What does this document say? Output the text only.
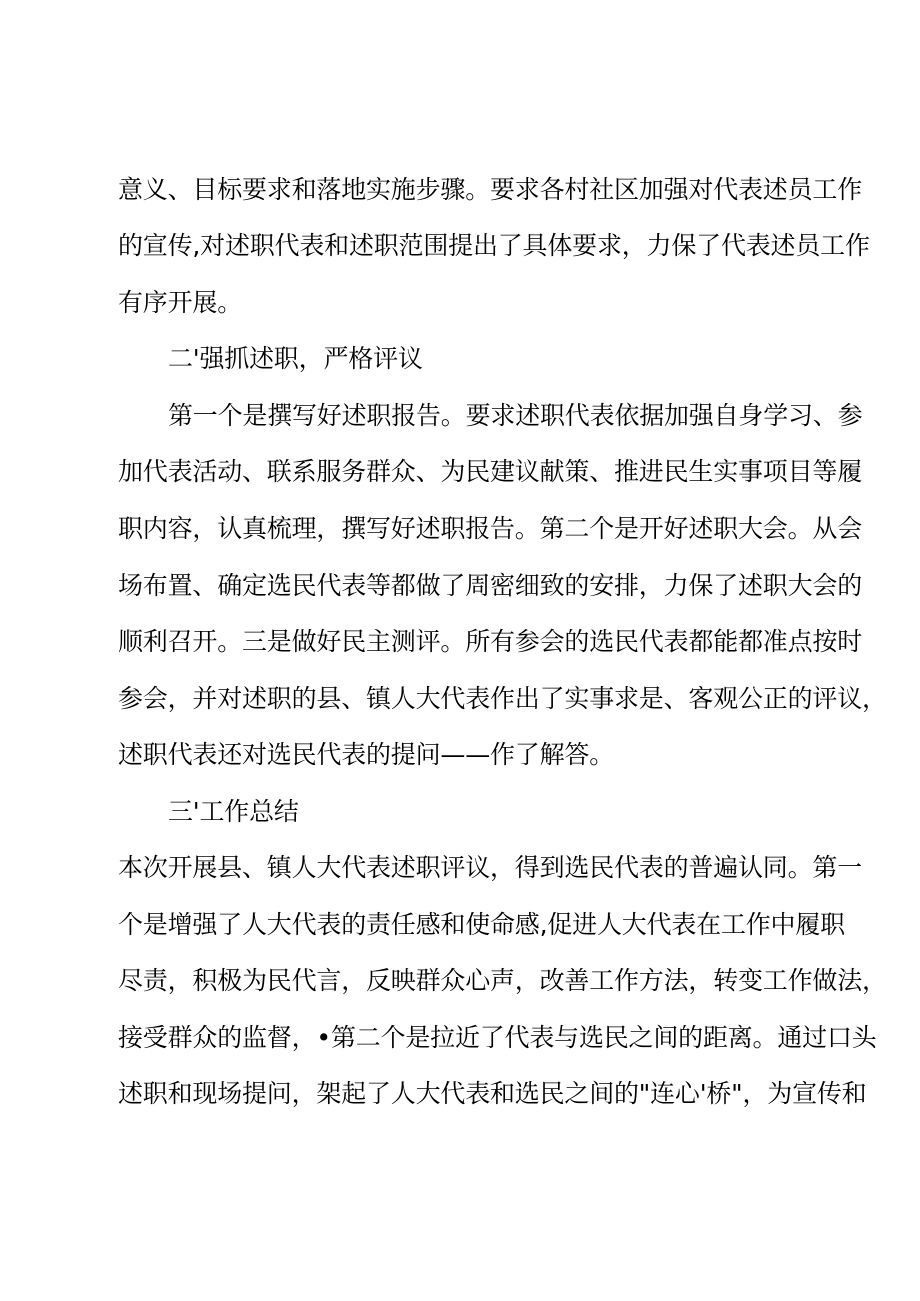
意义、目标要求和落地实施步骤。要求各村社区加强对代表述员工作
的宣传,对述职代表和述职范围提出了具体要求，力保了代表述员工作
有序开展。
二'强抓述职，严格评议
第一个是撰写好述职报告。要求述职代表依据加强自身学习、参
加代表活动、联系服务群众、为民建议献策、推进民生实事项目等履
职内容，认真梳理，撰写好述职报告。第二个是开好述职大会。从会
场布置、确定选民代表等都做了周密细致的安排，力保了述职大会的
顺利召开。三是做好民主测评。所有参会的选民代表都能都准点按时
参会，并对述职的县、镇人大代表作出了实事求是、客观公正的评议，
述职代表还对选民代表的提问——作了解答。
三'工作总结
本次开展县、镇人大代表述职评议，得到选民代表的普遍认同。第一
个是增强了人大代表的责任感和使命感,促进人大代表在工作中履职
尽责，积极为民代言，反映群众心声，改善工作方法，转变工作做法，
接受群众的监督，•第二个是拉近了代表与选民之间的距离。通过口头
述职和现场提问，架起了人大代表和选民之间的"连心'桥"，为宣传和
